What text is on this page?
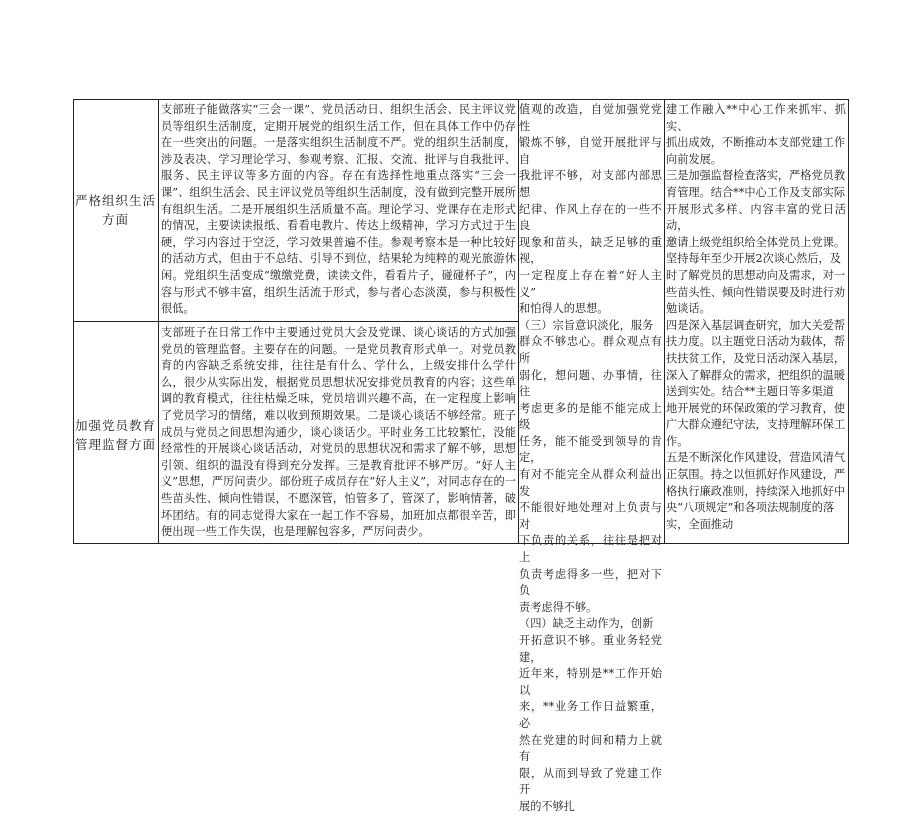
严格组织生活方面
加强党员教育管理监督方面

支部班子能做落实“三会一课”、党员活动日、组织生活会、民主评议党员等组织生活制度，定期开展党的组织生活工作，但在具体工作中仍存在一些突出的问题。一是落实组织生活制度不严。党的组织生活制度，涉及表决、学习理论学习、参观考察、汇报、交流、批评与自我批评、服务、民主评议等多方面的内容。存在有选择性地重点落实“三会一课”、组织生活会、民主评议党员等组织生活制度，没有做到完整开展所有组织生活。二是开展组织生活质量不高。理论学习、党课存在走形式的情况，主要读读报纸、看看电教片、传达上级精神，学习方式过于生硬，学习内容过于空泛，学习效果普遍不佳。参观考察本是一种比较好的活动方式，但由于不总结、引导不到位，结果轮为纯粹的观光旅游休闲。党组织生活变成“缴缴党费，读读文件，看看片子，碰碰杯子”，内容与形式不够丰富，组织生活流于形式，参与者心态淡漠，参与积极性很低。

支部班子在日常工作中主要通过党员大会及党课、谈心谈话的方式加强党员的管理监督。主要存在的问题。一是党员教育形式单一。对党员教育的内容缺乏系统安排，往往是有什么、学什么，上级安排什么学什么，很少从实际出发，根据党员思想状况安排党员教育的内容；这些单调的教育模式，往往枯燥乏味，党员培训兴趣不高，在一定程度上影响了党员学习的情绪，难以收到预期效果。二是谈心谈话不够经常。班子成员与党员之间思想沟通少，谈心谈话少。平时业务工比较繁忙，没能经常性的开展谈心谈话活动，对党员的思想状况和需求了解不够，思想引领、组织的温没有得到充分发挥。三是教育批评不够严厉。“好人主义”思想，严厉问责少。部份班子成员存在“好人主义”，对同志存在的一些苗头性、倾向性错误，不愿深管，怕管多了，管深了，影响情著，破坏团结。有的同志觉得大家在一起工作不容易，加班加点都很辛苦，即便出现一些工作失误，也是理解包容多，严厉问责少。

值观的改造，自觉加强党党性
锻炼不够，自觉开展批评与自
我批评不够，对支部内部思想
纪律、作风上存在的一些不良
现象和苗头，缺乏足够的重视，
一定程度上存在着“好人主义”
和怕得人的思想。
（三）宗旨意识淡化，服务
群众不够忠心。群众观点有所
弱化，想问题、办事情，往往
考虑更多的是能不能完成上级
任务，能不能受到领导的肯定，
有对不能完全从群众利益出发
不能很好地处理对上负责与对
下负责的关系，往往是把对上
负责考虑得多一些，把对下负
责考虑得不够。
（四）缺乏主动作为，创新
开拓意识不够。重业务轻党建，
近年来，特别是**工作开始以
来，**业务工作日益繁重，必
然在党建的时间和精力上就有
限，从而到导致了党建工作开
展的不够扎
建工作融入**中心工作来抓牢、抓实、
抓出成效，不断推动本支部党建工作
向前发展。
三是加强监督检查落实，严格党员教
育管理。结合**中心工作及支部实际
开展形式多样、内容丰富的党日活动，
邀请上级党组织给全体党员上党课。
坚持每年至少开展2次谈心然后，及
时了解党员的思想动向及需求，对一
些苗头性、倾向性错误要及时进行劝
勉谈话。
四是深入基层调查研究，加大关爱帮
扶力度。以主题党日活动为载体，帮
扶扶贫工作，及党日活动深入基层，
深入了解群众的需求，把组织的温暖
送到实处。结合**主题日等多渠道
地开展党的环保政策的学习教育，使
广大群众遵纪守法，支持理解环保工
作。
五是不断深化作风建设，营造风清气
正氛围。持之以恒抓好作风建设，严
格执行廉政准则，持续深入地抓好中
央“八项规定”和各项法规制度的落
实，全面推动
